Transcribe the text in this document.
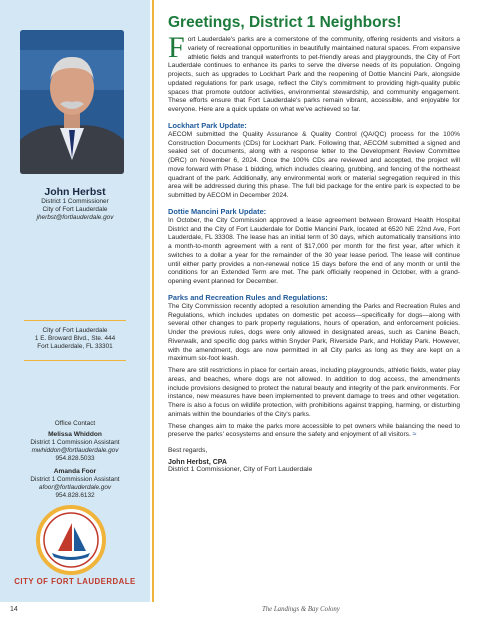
John Herbst
District 1 Commissioner
City of Fort Lauderdale
jherbst@fortlauderdale.gov
City of Fort Lauderdale
1 E. Broward Blvd., Ste. 444
Fort Lauderdale, FL 33301
Office Contact
Melissa Whiddon
District 1 Commission Assistant
mwhiddon@fortlauderdale.gov
954.828.5033
Amanda Foor
District 1 Commission Assistant
afoor@fortlauderdale.gov
954.828.6132
CITY OF FORT LAUDERDALE
Greetings, District 1 Neighbors!

Fort Lauderdale's parks are a cornerstone of the community, offering residents and visitors a variety of recreational opportunities in beautifully maintained natural spaces. From expansive athletic fields and tranquil waterfronts to pet-friendly areas and playgrounds, the City of Fort Lauderdale continues to enhance its parks to serve the diverse needs of its population. Ongoing projects, such as upgrades to Lockhart Park and the reopening of Dottie Mancini Park, alongside updated regulations for park usage, reflect the City's commitment to providing high-quality public spaces that promote outdoor activities, environmental stewardship, and community engagement. These efforts ensure that Fort Lauderdale's parks remain vibrant, accessible, and enjoyable for everyone. Here are a quick update on what we've achieved so far.

Lockhart Park Update:

AECOM submitted the Quality Assurance & Quality Control (QA/QC) process for the 100% Construction Documents (CDs) for Lockhart Park. Following that, AECOM submitted a signed and sealed set of documents, along with a response letter to the Development Review Committee (DRC) on November 6, 2024. Once the 100% CDs are reviewed and accepted, the project will move forward with Phase 1 bidding, which includes clearing, grubbing, and fencing of the northeast quadrant of the park. Additionally, any environmental work or material segregation required in this area will be addressed during this phase. The full bid package for the entire park is expected to be submitted by AECOM in December 2024.

Dottie Mancini Park Update:

In October, the City Commission approved a lease agreement between Broward Health Hospital District and the City of Fort Lauderdale for Dottie Mancini Park, located at 6520 NE 22nd Ave, Fort Lauderdale, FL 33308. The lease has an initial term of 30 days, which automatically transitions into a month-to-month agreement with a rent of $17,000 per month for the first year, after which it switches to a dollar a year for the remainder of the 30 year lease period. The lease will continue until either party provides a non-renewal notice 15 days before the end of any month or until the conditions for an Extended Term are met. The park officially reopened in October, with a grand-opening event planned for December.

Parks and Recreation Rules and Regulations:

The City Commission recently adopted a resolution amending the Parks and Recreation Rules and Regulations, which includes updates on domestic pet access—specifically for dogs—along with several other changes to park property regulations, hours of operation, and enforcement policies. Under the previous rules, dogs were only allowed in designated areas, such as Canine Beach, Riverwalk, and specific dog parks within Snyder Park, Riverside Park, and Holiday Park. However, with the amendment, dogs are now permitted in all City parks as long as they are kept on a maximum six-foot leash.

There are still restrictions in place for certain areas, including playgrounds, athletic fields, water play areas, and beaches, where dogs are not allowed. In addition to dog access, the amendments include provisions designed to protect the natural beauty and integrity of the park environments. For instance, new measures have been implemented to prevent damage to trees and other vegetation. There is also a focus on wildlife protection, with prohibitions against trapping, harming, or disturbing animals within the boundaries of the City's parks.

These changes aim to make the parks more accessible to pet owners while balancing the need to preserve the parks' ecosystems and ensure the safety and enjoyment of all visitors. ≈

Best regards,
John Herbst, CPA
District 1 Commissioner, City of Fort Lauderdale
14	The Landings & Bay Colony
